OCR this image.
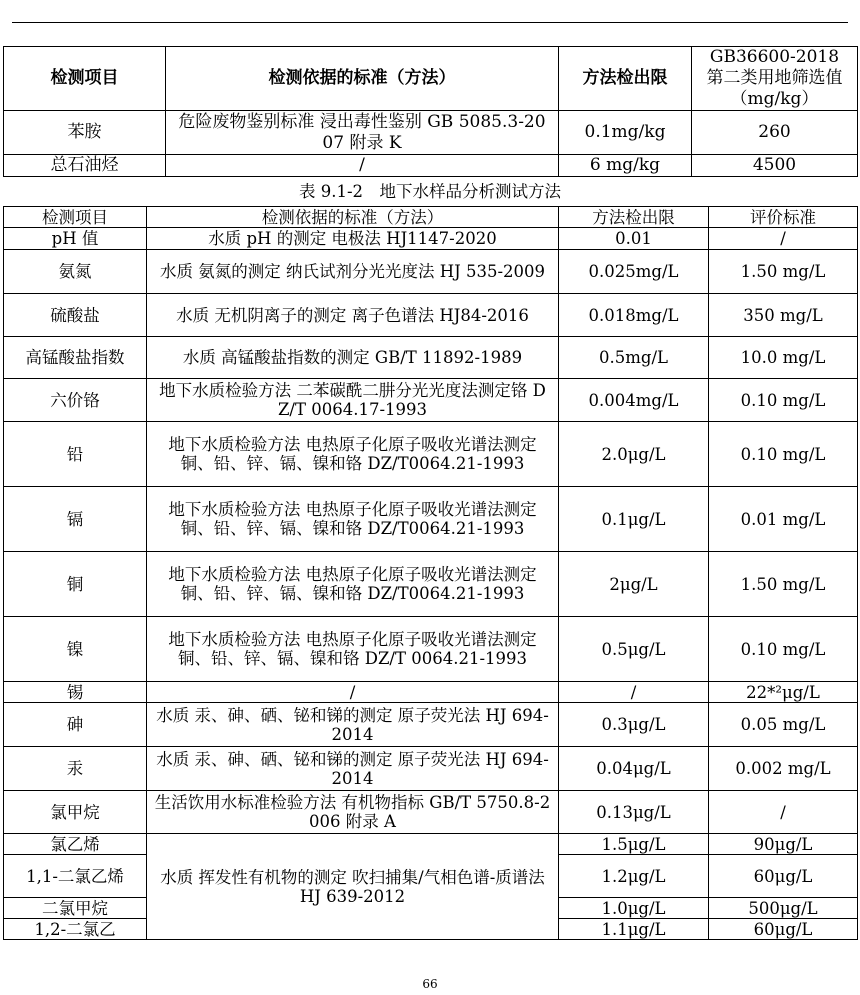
检测项目	检测依据的标准（方法）	方法检出限	GB36600-2018 第二类用地筛选值（mg/kg）
苯胺	危险废物鉴别标准 浸出毒性鉴别 GB 5085.3-2007 附录 K	0.1mg/kg	260
总石油烃	/	6 mg/kg	4500
表 9.1-2　地下水样品分析测试方法
检测项目	检测依据的标准（方法）	方法检出限	评价标准
pH 值	水质 pH 的测定 电极法 HJ1147-2020	0.01	/
氨氮	水质 氨氮的测定 纳氏试剂分光光度法 HJ 535-2009	0.025mg/L	1.50 mg/L
硫酸盐	水质 无机阴离子的测定 离子色谱法 HJ84-2016	0.018mg/L	350 mg/L
高锰酸盐指数	水质 高锰酸盐指数的测定 GB/T 11892-1989	0.5mg/L	10.0 mg/L
六价铬	地下水质检验方法 二苯碳酰二肼分光光度法测定铬 DZ/T 0064.17-1993	0.004mg/L	0.10 mg/L
铅	地下水质检验方法 电热原子化原子吸收光谱法测定铜、铅、锌、镉、镍和铬 DZ/T0064.21-1993	2.0μg/L	0.10 mg/L
镉	地下水质检验方法 电热原子化原子吸收光谱法测定铜、铅、锌、镉、镍和铬 DZ/T0064.21-1993	0.1μg/L	0.01 mg/L
铜	地下水质检验方法 电热原子化原子吸收光谱法测定铜、铅、锌、镉、镍和铬 DZ/T0064.21-1993	2μg/L	1.50 mg/L
镍	地下水质检验方法 电热原子化原子吸收光谱法测定铜、铅、锌、镉、镍和铬 DZ/T 0064.21-1993	0.5μg/L	0.10 mg/L
锡	/	/	22*²μg/L
砷	水质 汞、砷、硒、铋和锑的测定 原子荧光法 HJ 694-2014	0.3μg/L	0.05 mg/L
汞	水质 汞、砷、硒、铋和锑的测定 原子荧光法 HJ 694-2014	0.04μg/L	0.002 mg/L
氯甲烷	生活饮用水标准检验方法 有机物指标 GB/T 5750.8-2006 附录 A	0.13μg/L	/
氯乙烯	水质 挥发性有机物的测定 吹扫捕集/气相色谱-质谱法 HJ 639-2012	1.5μg/L	90μg/L
1,1-二氯乙烯		1.2μg/L	60μg/L
二氯甲烷		1.0μg/L	500μg/L
1,2-二氯乙		1.1μg/L	60μg/L
66
